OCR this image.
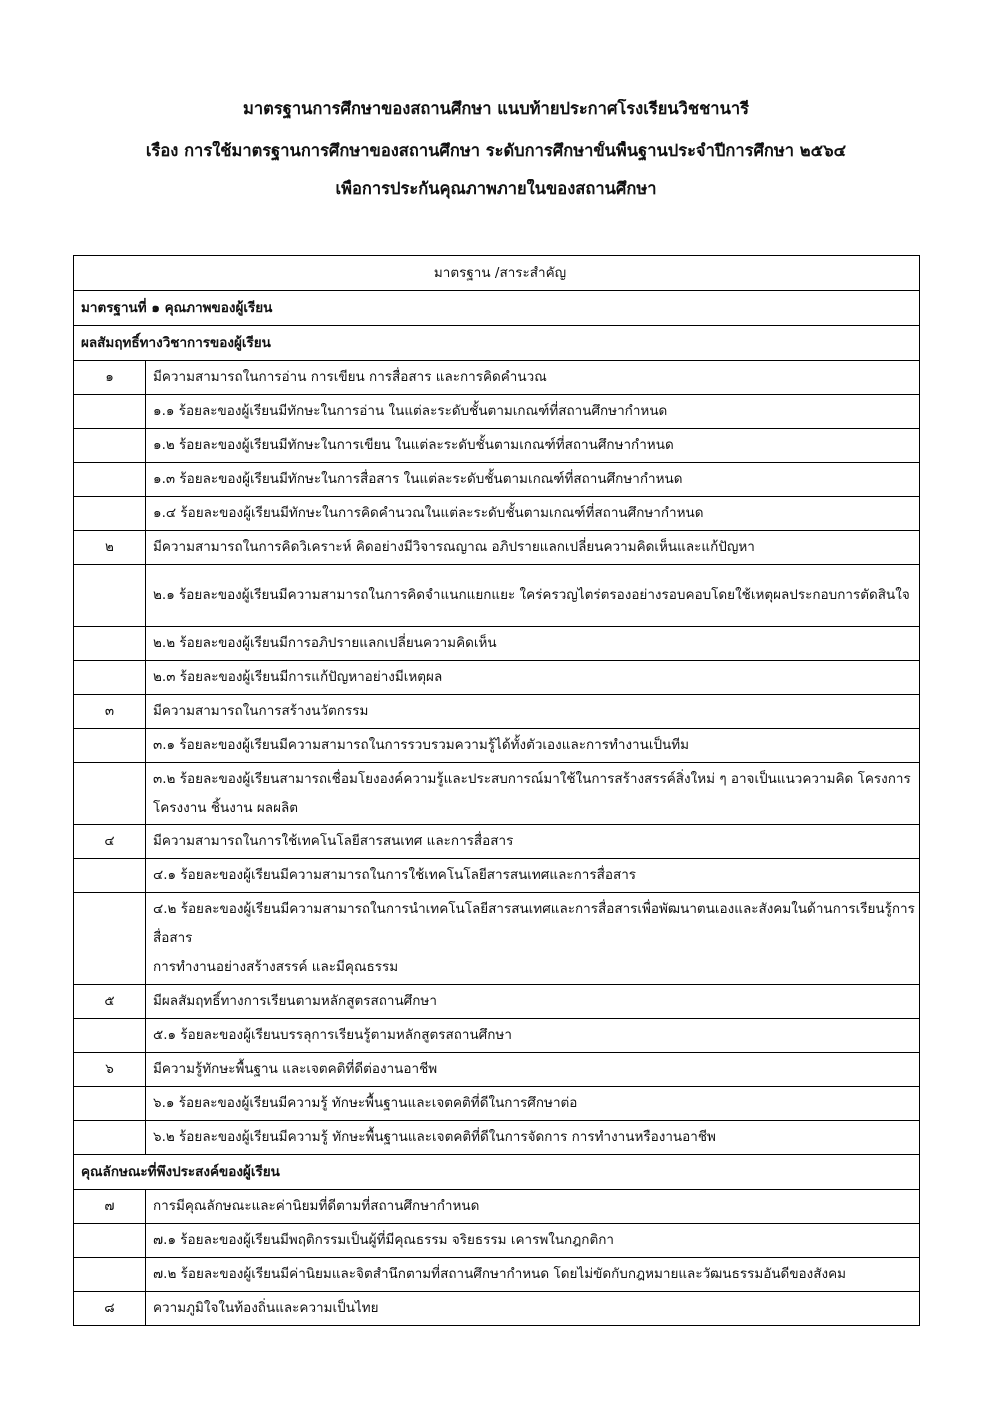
มาตรฐานการศึกษาของสถานศึกษา แนบท้ายประกาศโรงเรียนวิชชานารี
เรื่อง การใช้มาตรฐานการศึกษาของสถานศึกษา ระดับการศึกษาขั้นพื้นฐานประจำปีการศึกษา ๒๕๖๔
เพื่อการประกันคุณภาพภายในของสถานศึกษา
มาตรฐาน /สาระสำคัญ	
มาตรฐานที่ ๑ คุณภาพของผู้เรียน	
ผลสัมฤทธิ์ทางวิชาการของผู้เรียน	
๑	มีความสามารถในการอ่าน การเขียน การสื่อสาร และการคิดคำนวณ
	๑.๑ ร้อยละของผู้เรียนมีทักษะในการอ่าน ในแต่ละระดับชั้นตามเกณฑ์ที่สถานศึกษากำหนด
	๑.๒ ร้อยละของผู้เรียนมีทักษะในการเขียน ในแต่ละระดับชั้นตามเกณฑ์ที่สถานศึกษากำหนด
	๑.๓ ร้อยละของผู้เรียนมีทักษะในการสื่อสาร ในแต่ละระดับชั้นตามเกณฑ์ที่สถานศึกษากำหนด
	๑.๔ ร้อยละของผู้เรียนมีทักษะในการคิดคำนวณในแต่ละระดับชั้นตามเกณฑ์ที่สถานศึกษากำหนด
๒	มีความสามารถในการคิดวิเคราะห์ คิดอย่างมีวิจารณญาณ อภิปรายแลกเปลี่ยนความคิดเห็นและแก้ปัญหา
	๒.๑ ร้อยละของผู้เรียนมีความสามารถในการคิดจำแนกแยกแยะ ใคร่ครวญไตร่ตรองอย่างรอบคอบโดยใช้เหตุผลประกอบการตัดสินใจ
	๒.๒ ร้อยละของผู้เรียนมีการอภิปรายแลกเปลี่ยนความคิดเห็น
	๒.๓ ร้อยละของผู้เรียนมีการแก้ปัญหาอย่างมีเหตุผล
๓	มีความสามารถในการสร้างนวัตกรรม
	๓.๑ ร้อยละของผู้เรียนมีความสามารถในการรวบรวมความรู้ได้ทั้งตัวเองและการทำงานเป็นทีม
	๓.๒ ร้อยละของผู้เรียนสามารถเชื่อมโยงองค์ความรู้และประสบการณ์มาใช้ในการสร้างสรรค์สิ่งใหม่ ๆ อาจเป็นแนวความคิด โครงการ โครงงาน ชิ้นงาน ผลผลิต
๔	มีความสามารถในการใช้เทคโนโลยีสารสนเทศ และการสื่อสาร
	๔.๑ ร้อยละของผู้เรียนมีความสามารถในการใช้เทคโนโลยีสารสนเทศและการสื่อสาร

	๔.๒ ร้อยละของผู้เรียนมีความสามารถในการนำเทคโนโลยีสารสนเทศและการสื่อสารเพื่อพัฒนาตนเองและสังคมในด้านการเรียนรู้การสื่อสาร
การทำงานอย่างสร้างสรรค์ และมีคุณธรรม

๕	มีผลสัมฤทธิ์ทางการเรียนตามหลักสูตรสถานศึกษา
	๕.๑ ร้อยละของผู้เรียนบรรลุการเรียนรู้ตามหลักสูตรสถานศึกษา
๖	มีความรู้ทักษะพื้นฐาน และเจตคติที่ดีต่องานอาชีพ
	๖.๑ ร้อยละของผู้เรียนมีความรู้ ทักษะพื้นฐานและเจตคติที่ดีในการศึกษาต่อ
	๖.๒ ร้อยละของผู้เรียนมีความรู้ ทักษะพื้นฐานและเจตคติที่ดีในการจัดการ การทำงานหรืองานอาชีพ
คุณลักษณะที่พึงประสงค์ของผู้เรียน	
๗	การมีคุณลักษณะและค่านิยมที่ดีตามที่สถานศึกษากำหนด
	๗.๑ ร้อยละของผู้เรียนมีพฤติกรรมเป็นผู้ที่มีคุณธรรม จริยธรรม เคารพในกฎกติกา
	๗.๒ ร้อยละของผู้เรียนมีค่านิยมและจิตสำนึกตามที่สถานศึกษากำหนด โดยไม่ขัดกับกฎหมายและวัฒนธรรมอันดีของสังคม
๘	ความภูมิใจในท้องถิ่นและความเป็นไทย
